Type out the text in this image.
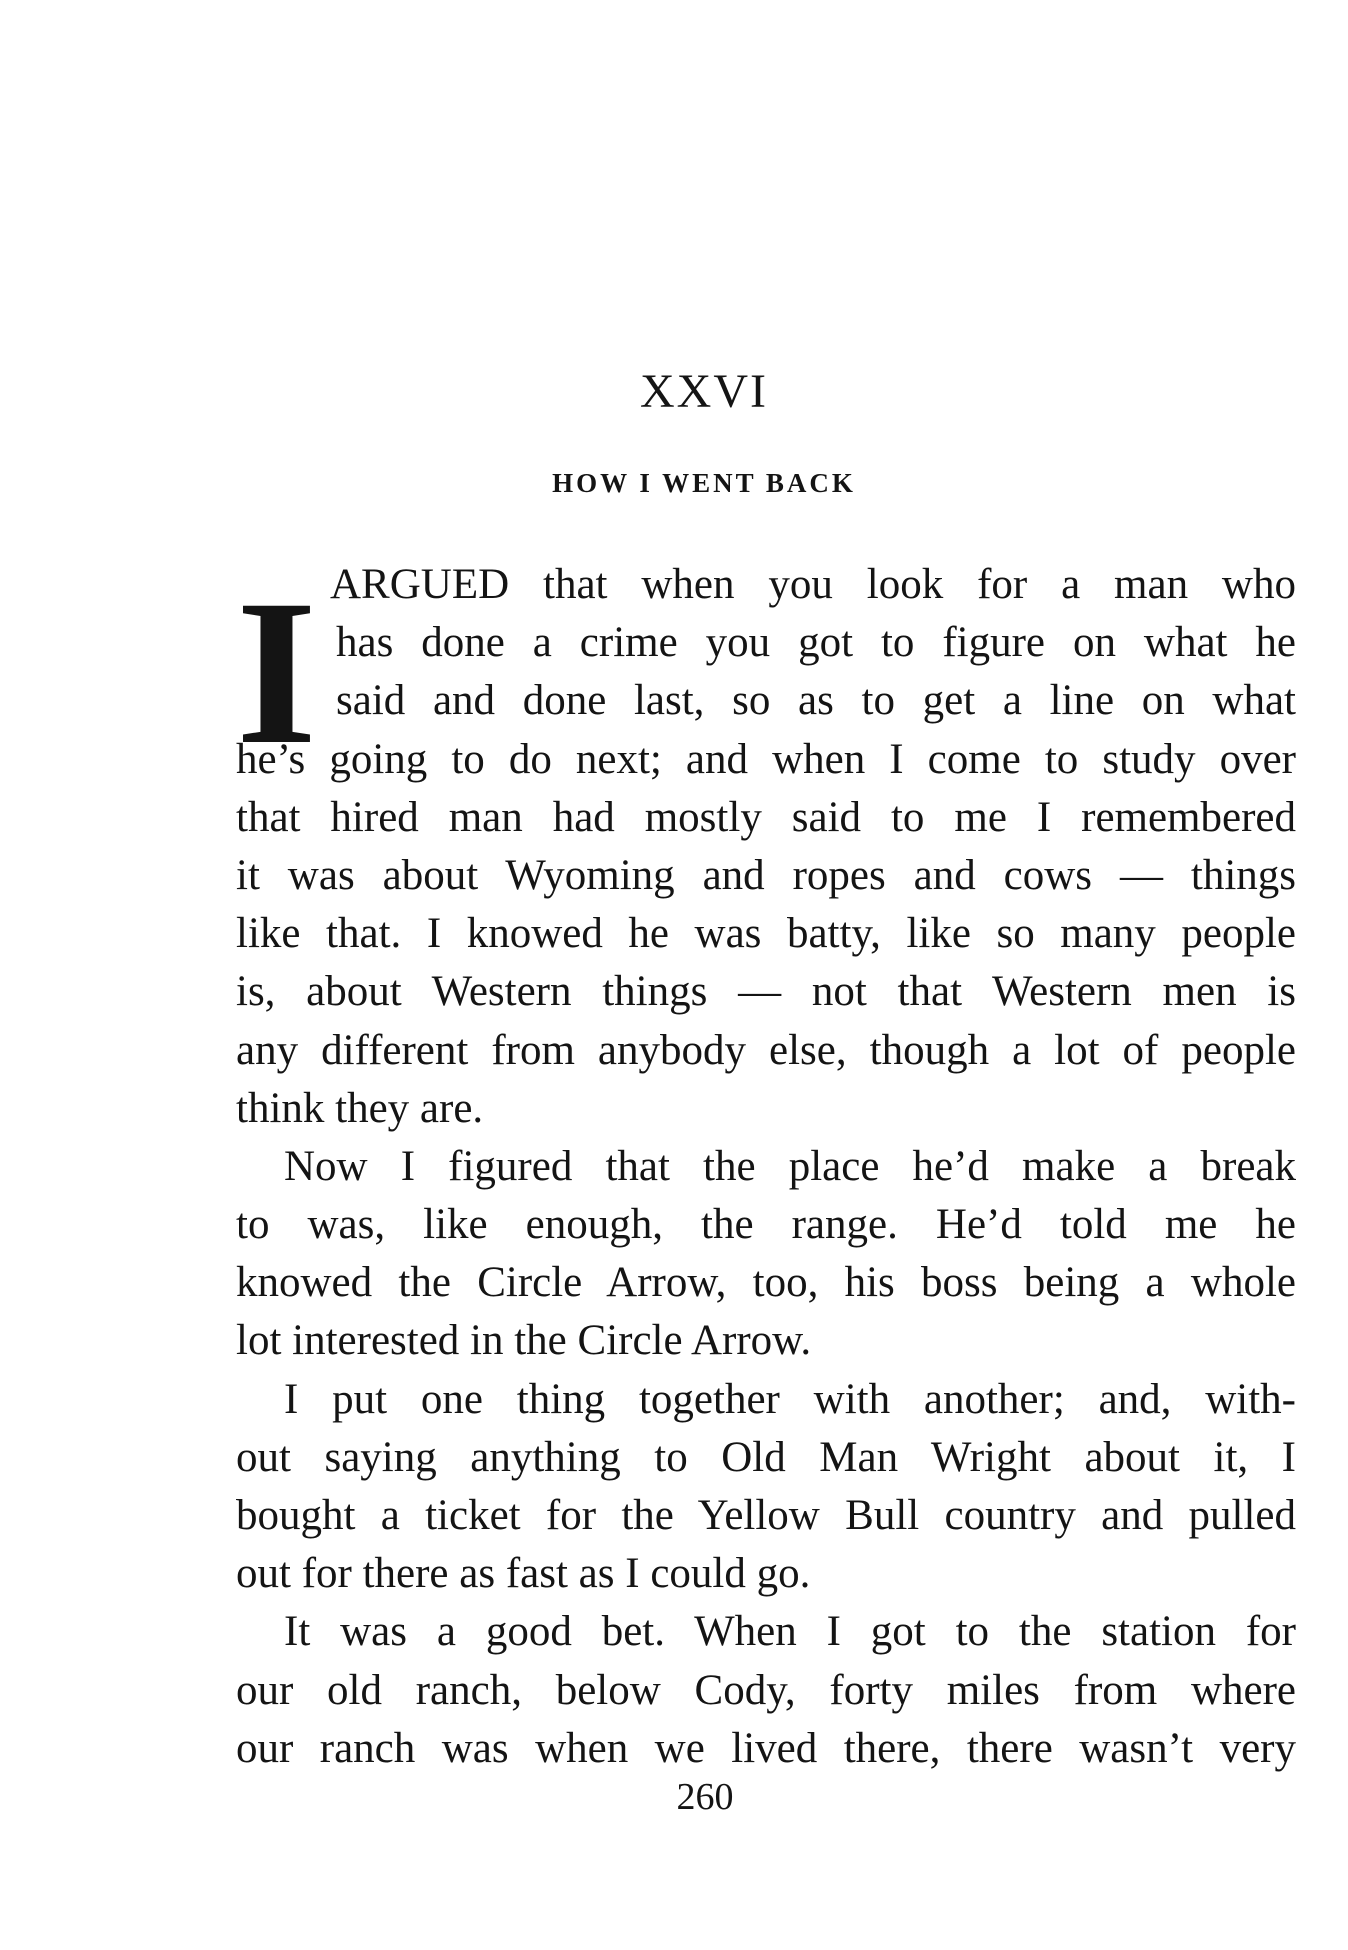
XXVI
HOW I WENT BACK
I ARGUED that when you look for a man who
has done a crime you got to figure on what he
said and done last, so as to get a line on what
he’s going to do next; and when I come to study over
that hired man had mostly said to me I remembered
it was about Wyoming and ropes and cows — things
like that. I knowed he was batty, like so many people
is, about Western things — not that Western men is
any different from anybody else, though a lot of people
think they are.
Now I figured that the place he’d make a break
to was, like enough, the range. He’d told me he
knowed the Circle Arrow, too, his boss being a whole
lot interested in the Circle Arrow.
I put one thing together with another; and, with-
out saying anything to Old Man Wright about it, I
bought a ticket for the Yellow Bull country and pulled
out for there as fast as I could go.
It was a good bet. When I got to the station for
our old ranch, below Cody, forty miles from where
our ranch was when we lived there, there wasn’t very
260
